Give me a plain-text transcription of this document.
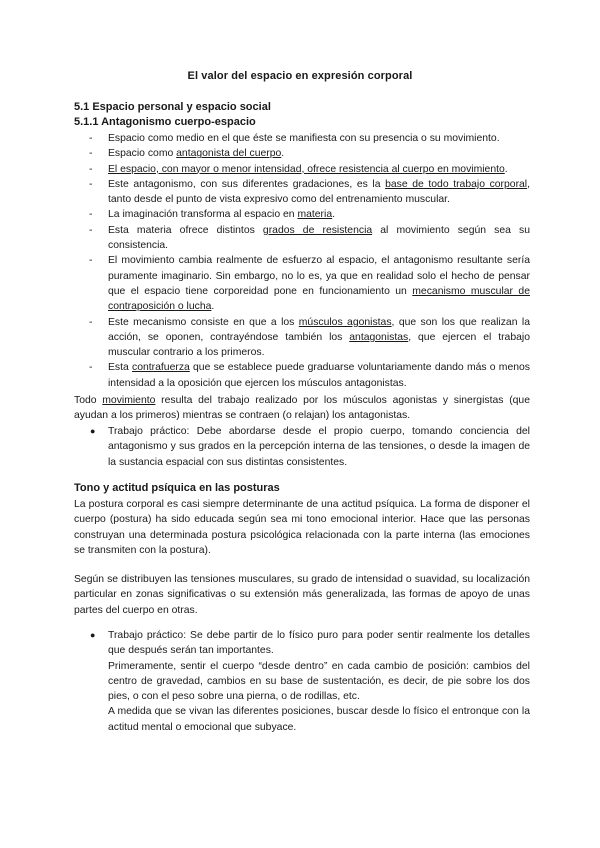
El valor del espacio en expresión corporal
5.1 Espacio personal y espacio social
5.1.1 Antagonismo cuerpo-espacio
- Espacio como medio en el que éste se manifiesta con su presencia o su movimiento.
- Espacio como antagonista del cuerpo.
- El espacio, con mayor o menor intensidad, ofrece resistencia al cuerpo en movimiento.
- Este antagonismo, con sus diferentes gradaciones, es la base de todo trabajo corporal, tanto desde el punto de vista expresivo como del entrenamiento muscular.
- La imaginación transforma al espacio en materia.
- Esta materia ofrece distintos grados de resistencia al movimiento según sea su consistencia.
- El movimiento cambia realmente de esfuerzo al espacio, el antagonismo resultante sería puramente imaginario. Sin embargo, no lo es, ya que en realidad solo el hecho de pensar que el espacio tiene corporeidad pone en funcionamiento un mecanismo muscular de contraposición o lucha.
- Este mecanismo consiste en que a los músculos agonistas, que son los que realizan la acción, se oponen, contrayéndose también los antagonistas, que ejercen el trabajo muscular contrario a los primeros.
- Esta contrafuerza que se establece puede graduarse voluntariamente dando más o menos intensidad a la oposición que ejercen los músculos antagonistas.

Todo movimiento resulta del trabajo realizado por los músculos agonistas y sinergistas (que ayudan a los primeros) mientras se contraen (o relajan) los antagonistas.

● Trabajo práctico: Debe abordarse desde el propio cuerpo, tomando conciencia del antagonismo y sus grados en la percepción interna de las tensiones, o desde la imagen de la sustancia espacial con sus distintas consistentes.
Tono y actitud psíquica en las posturas

La postura corporal es casi siempre determinante de una actitud psíquica. La forma de disponer el cuerpo (postura) ha sido educada según sea mi tono emocional interior. Hace que las personas construyan una determinada postura psicológica relacionada con la parte interna (las emociones se transmiten con la postura).

Según se distribuyen las tensiones musculares, su grado de intensidad o suavidad, su localización particular en zonas significativas o su extensión más generalizada, las formas de apoyo de unas partes del cuerpo en otras.

● Trabajo práctico: Se debe partir de lo físico puro para poder sentir realmente los detalles que después serán tan importantes.
Primeramente, sentir el cuerpo “desde dentro” en cada cambio de posición: cambios del centro de gravedad, cambios en su base de sustentación, es decir, de pie sobre los dos pies, o con el peso sobre una pierna, o de rodillas, etc.
A medida que se vivan las diferentes posiciones, buscar desde lo físico el entronque con la actitud mental o emocional que subyace.
